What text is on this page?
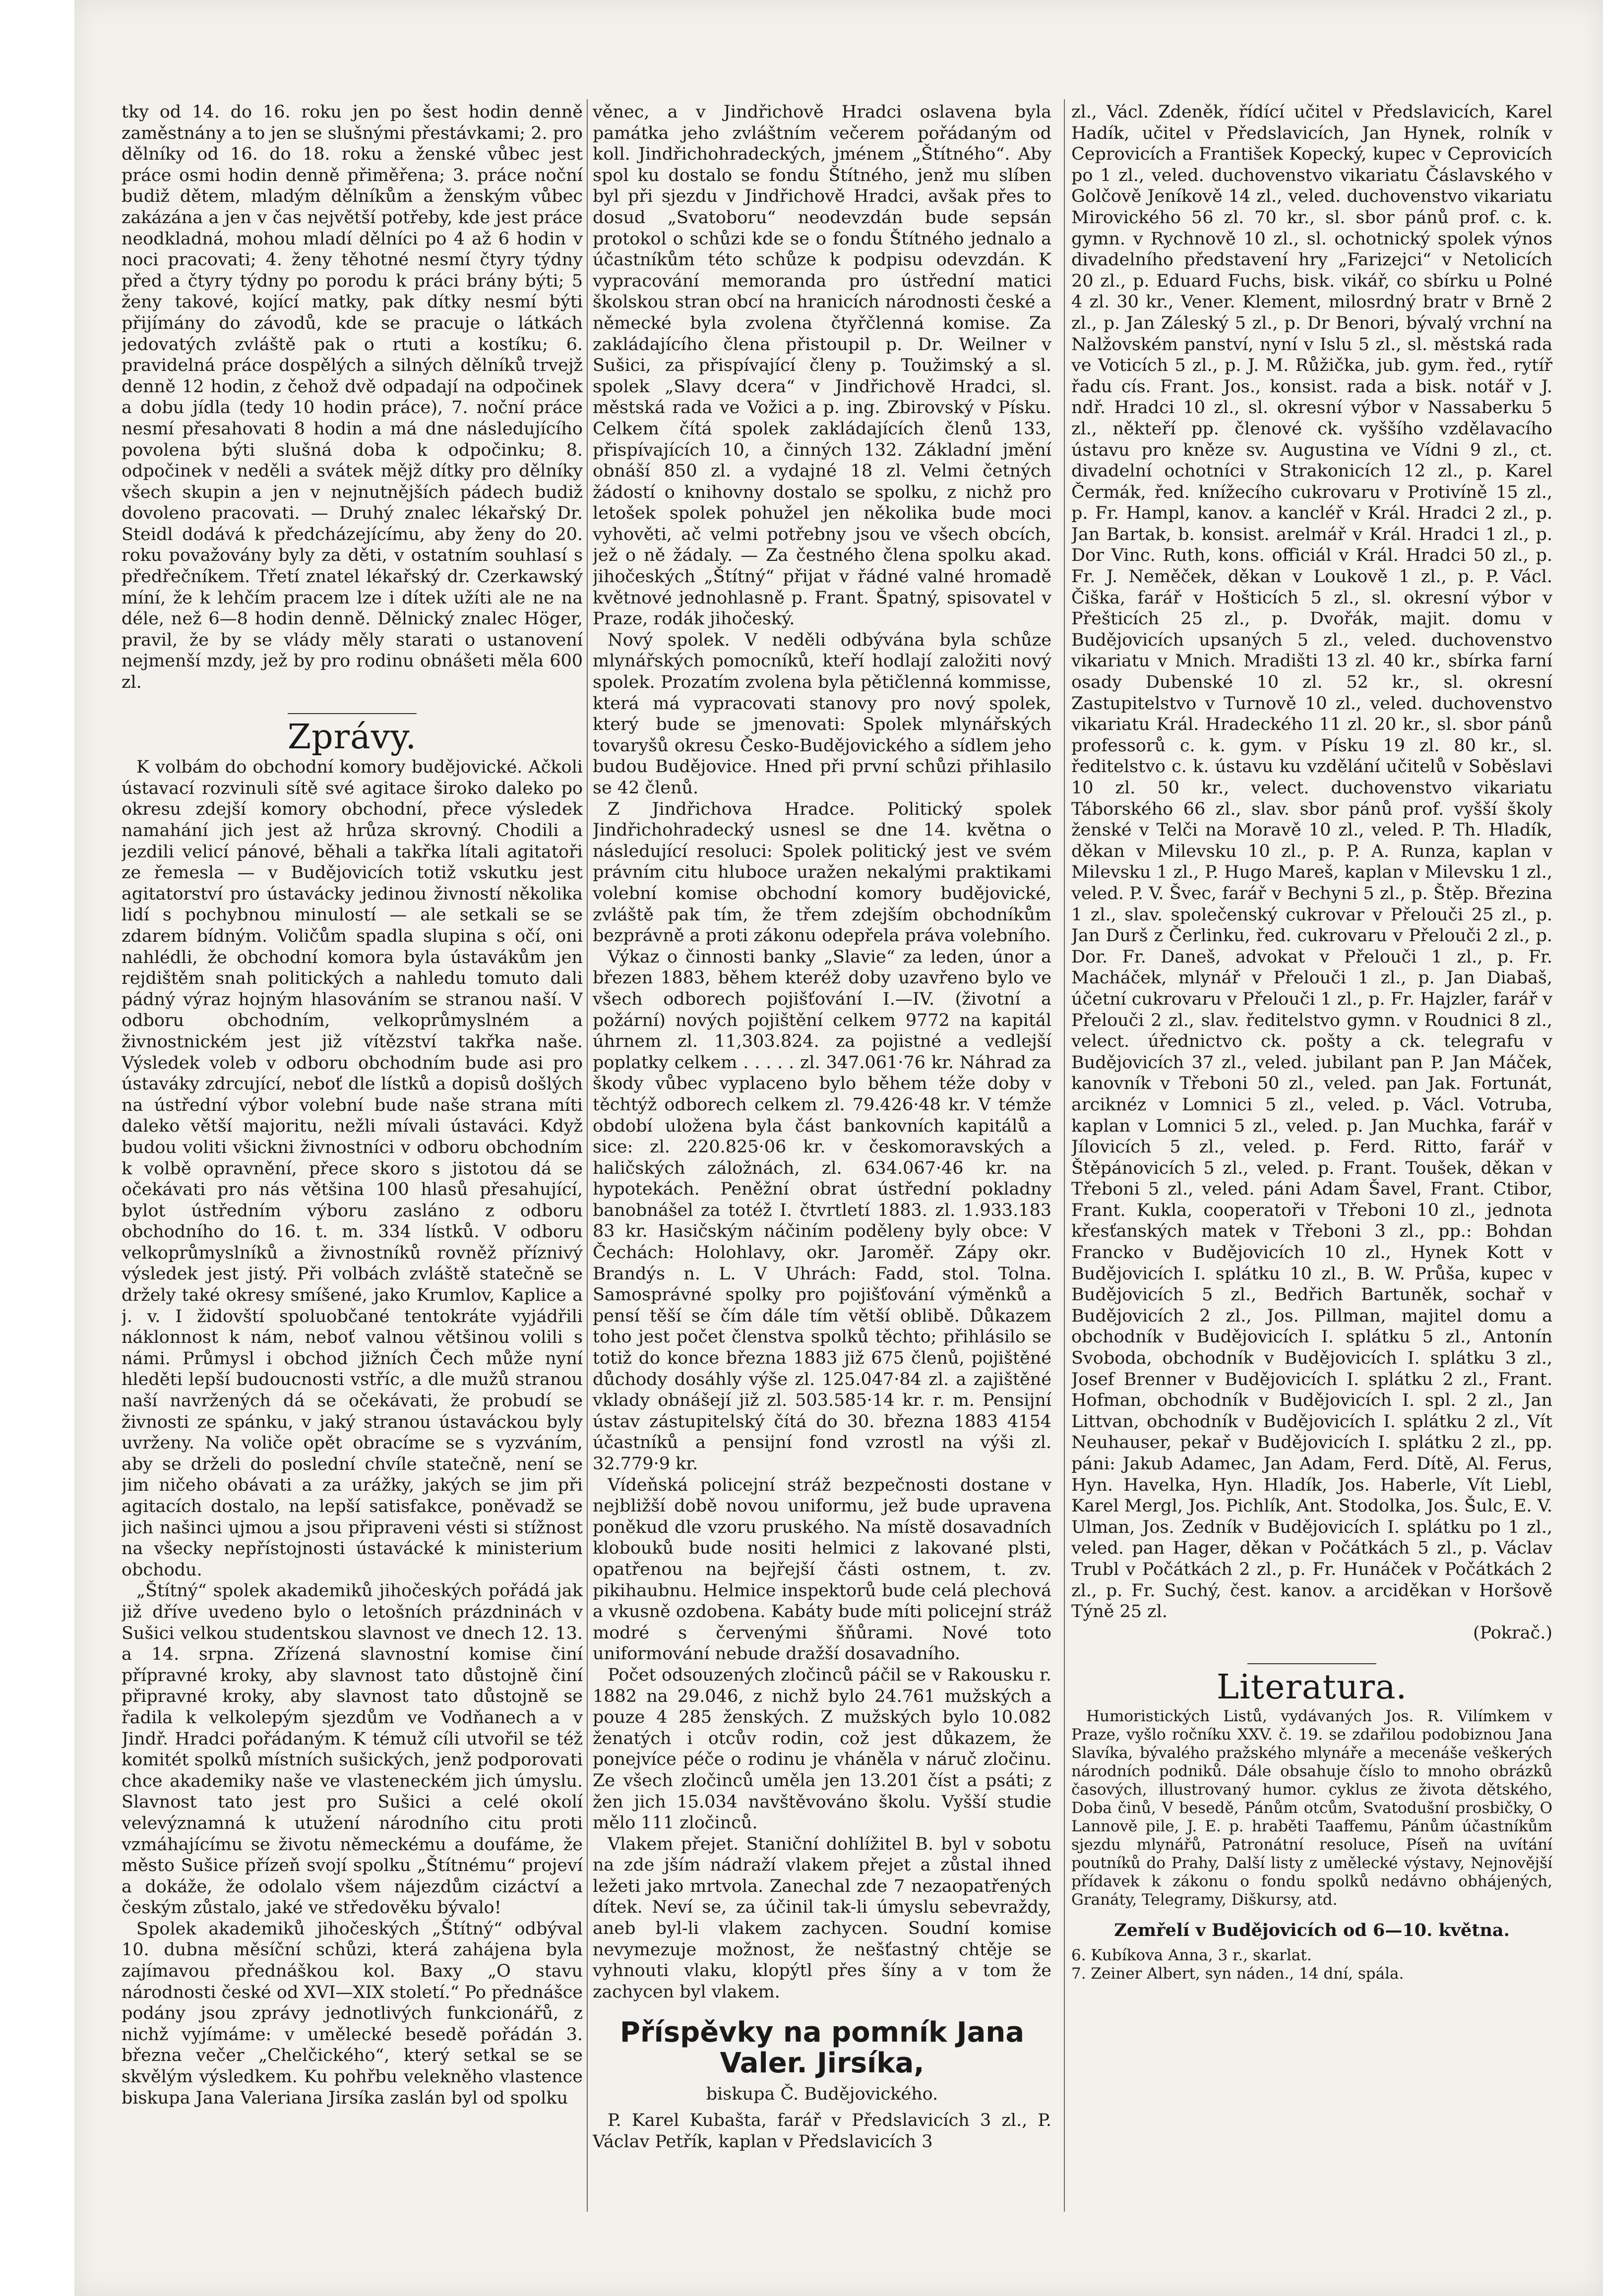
tky od 14. do 16. roku jen po šest hodin denně zaměstnány a to jen se slušnými přestávkami; 2. pro dělníky od 16. do 18. roku a ženské vůbec jest práce osmi hodin denně přiměřena; 3. práce noční budiž dětem, mladým dělníkům a ženským vůbec zakázána a jen v čas největší potřeby, kde jest práce neodkladná, mohou mladí dělníci po 4 až 6 hodin v noci pracovati; 4. ženy těhotné nesmí čtyry týdny před a čtyry týdny po porodu k práci brány býti; 5 ženy takové, kojící matky, pak dítky nesmí býti přijímány do závodů, kde se pracuje o látkách jedovatých zvláště pak o rtuti a kostíku; 6. pravidelná práce dospělých a silných dělníků trvejž denně 12 hodin, z čehož dvě odpadají na odpočinek a dobu jídla (tedy 10 hodin práce), 7. noční práce nesmí přesahovati 8 hodin a má dne následujícího povolena býti slušná doba k odpočinku; 8. odpočinek v neděli a svátek mějž dítky pro dělníky všech skupin a jen v nejnutnějších pádech budiž dovoleno pracovati. — Druhý znalec lékařský Dr. Steidl dodává k předcházejícímu, aby ženy do 20. roku považovány byly za děti, v ostatním souhlasí s předřečníkem. Třetí znatel lékařský dr. Czerkawský míní, že k lehčím pracem lze i dítek užíti ale ne na déle, než 6—8 hodin denně. Dělnický znalec Höger, pravil, že by se vlády měly starati o ustanovení nejmenší mzdy, jež by pro rodinu obnášeti měla 600 zl.

Zprávy.

K volbám do obchodní komory budějovické. Ačkoli ústavací rozvinuli sítě své agitace široko daleko po okresu zdejší komory obchodní, přece výsledek namahání jich jest až hrůza skrovný. Chodili a jezdili velicí pánové, běhali a takřka lítali agitatoři ze řemesla — v Budějovicích totiž vskutku jest agitatorství pro ústavácky jedinou živností několika lidí s pochybnou minulostí — ale setkali se se zdarem bídným. Voličům spadla slupina s očí, oni nahlédli, že obchodní komora byla ústavákům jen rejdištěm snah politických a nahledu tomuto dali pádný výraz hojným hlasováním se stranou naší. V odboru obchodním, velkoprůmyslném a živnostnickém jest již vítězství takřka naše. Výsledek voleb v odboru obchodním bude asi pro ústaváky zdrcující, neboť dle lístků a dopisů došlých na ústřední výbor volební bude naše strana míti daleko větší majoritu, nežli mívali ústaváci. Když budou voliti všickni živnostníci v odboru obchodním k volbě opravnění, přece skoro s jistotou dá se očekávati pro nás většina 100 hlasů přesahující, bylot ústředním výboru zasláno z odboru obchodního do 16. t. m. 334 lístků. V odboru velkoprůmyslníků a živnostníků rovněž příznivý výsledek jest jistý. Při volbách zvláště statečně se držely také okresy smíšené, jako Krumlov, Kaplice a j. v. I židovští spoluobčané tentokráte vyjádřili náklonnost k nám, neboť valnou většinou volili s námi. Průmysl i obchod jižních Čech může nyní hleděti lepší budoucnosti vstříc, a dle mužů stranou naší navržených dá se očekávati, že probudí se živnosti ze spánku, v jaký stranou ústaváckou byly uvrženy. Na voliče opět obracíme se s vyzváním, aby se drželi do poslední chvíle statečně, není se jim ničeho obávati a za urážky, jakých se jim při agitacích dostalo, na lepší satisfakce, poněvadž se jich našinci ujmou a jsou připraveni vésti si stížnost na všecky nepřístojnosti ústavácké k ministerium obchodu.

„Štítný“ spolek akademiků jihočeských pořádá jak již dříve uvedeno bylo o letošních prázdninách v Sušici velkou studentskou slavnost ve dnech 12. 13. a 14. srpna. Zřízená slavnostní komise činí přípravné kroky, aby slavnost tato důstojně činí připravné kroky, aby slavnost tato důstojně se řadila k velkolepým sjezdům ve Vodňanech a v Jindř. Hradci pořádaným. K témuž cíli utvořil se též komitét spolků místních sušických, jenž podporovati chce akademiky naše ve vlasteneckém jich úmyslu. Slavnost tato jest pro Sušici a celé okolí velevýznamná k utužení národního citu proti vzmáhajícímu se životu německému a doufáme, že město Sušice přízeň svojí spolku „Štítnému“ projeví a dokáže, že odolalo všem nájezdům cizáctví a českým zůstalo, jaké ve středověku bývalo!

Spolek akademiků jihočeských „Štítný“ odbýval 10. dubna měsíční schůzi, která zahájena byla zajímavou přednáškou kol. Baxy „O stavu národnosti české od XVI—XIX století.“ Po přednášce podány jsou zprávy jednotlivých funkcionářů, z nichž vyjímáme: v umělecké besedě pořádán 3. března večer „Chelčického“, který setkal se se skvělým výsledkem. Ku pohřbu velekněho vlastence biskupa Jana Valeriana Jirsíka zaslán byl od spolku

věnec, a v Jindřichově Hradci oslavena byla památka jeho zvláštním večerem pořádaným od koll. Jindřichohradeckých, jménem „Štítného“. Aby spol ku dostalo se fondu Štítného, jenž mu slíben byl při sjezdu v Jindřichově Hradci, avšak přes to dosud „Svatoboru“ neodevzdán bude sepsán protokol o schůzi kde se o fondu Štítného jednalo a účastníkům této schůze k podpisu odevzdán. K vypracování memoranda pro ústřední matici školskou stran obcí na hranicích národnosti české a německé byla zvolena čtyřčlenná komise. Za zakládajícího člena přistoupil p. Dr. Weilner v Sušici, za přispívající členy p. Toužimský a sl. spolek „Slavy dcera“ v Jindřichově Hradci, sl. městská rada ve Vožici a p. ing. Zbirovský v Písku. Celkem čítá spolek zakládajících členů 133, přispívajících 10, a činných 132. Základní jmění obnáší 850 zl. a vydajné 18 zl. Velmi četných žádostí o knihovny dostalo se spolku, z nichž pro letošek spolek pohužel jen několika bude moci vyhověti, ač velmi potřebny jsou ve všech obcích, jež o ně žádaly. — Za čestného člena spolku akad. jihočeských „Štítný“ přijat v řádné valné hromadě květnové jednohlasně p. Frant. Špatný, spisovatel v Praze, rodák jihočeský.

Nový spolek. V neděli odbývána byla schůze mlynářských pomocníků, kteří hodlají založiti nový spolek. Prozatím zvolena byla pětičlenná kommisse, která má vypracovati stanovy pro nový spolek, který bude se jmenovati: Spolek mlynářských tovaryšů okresu Česko-Budějovického a sídlem jeho budou Budějovice. Hned při první schůzi přihlasilo se 42 členů.

Z Jindřichova Hradce. Politický spolek Jindřichohradecký usnesl se dne 14. května o následující resoluci: Spolek politický jest ve svém právním citu hluboce uražen nekalými praktikami volební komise obchodní komory budějovické, zvláště pak tím, že třem zdejším obchodníkům bezprávně a proti zákonu odepřela práva volebního.

Výkaz o činnosti banky „Slavie“ za leden, únor a březen 1883, během kteréž doby uzavřeno bylo ve všech odborech pojišťování I.—IV. (životní a požární) nových pojištění celkem 9772 na kapitál úhrnem zl. 11,303.824. za pojistné a vedlejší poplatky celkem . . . . . zl. 347.061·76 kr. Náhrad za škody vůbec vyplaceno bylo během téže doby v těchtýž odborech celkem zl. 79.426·48 kr. V témže období uložena byla část bankovních kapitálů a sice: zl. 220.825·06 kr. v českomoravských a haličských záložnách, zl. 634.067·46 kr. na hypotekách. Peněžní obrat ústřední pokladny banobnášel za totéž I. čtvrtletí 1883. zl. 1.933.183 83 kr. Hasičským náčiním poděleny byly obce: V Čechách: Holohlavy, okr. Jaroměř. Zápy okr. Brandýs n. L. V Uhrách: Fadd, stol. Tolna. Samosprávné spolky pro pojišťování výměnků a pensí těší se čím dále tím větší oblibě. Důkazem toho jest počet členstva spolků těchto; přihlásilo se totiž do konce března 1883 již 675 členů, pojištěné důchody dosáhly výše zl. 125.047·84 zl. a zajištěné vklady obnášejí již zl. 503.585·14 kr. r. m. Pensijní ústav zástupitelský čítá do 30. března 1883 4154 účastníků a pensijní fond vzrostl na výši zl. 32.779·9 kr.

Vídeňská policejní stráž bezpečnosti dostane v nejbližší době novou uniformu, jež bude upravena poněkud dle vzoru pruského. Na místě dosavadních klobouků bude nositi helmici z lakované plsti, opatřenou na bejřejší části ostnem, t. zv. pikihaubnu. Helmice inspektorů bude celá plechová a vkusně ozdobena. Kabáty bude míti policejní stráž modré s červenými šňůrami. Nové toto uniformování nebude dražší dosavadního.

Počet odsouzených zločinců páčil se v Rakousku r. 1882 na 29.046, z nichž bylo 24.761 mužských a pouze 4 285 ženských. Z mužských bylo 10.082 ženatých i otcův rodin, což jest důkazem, že ponejvíce péče o rodinu je vháněla v náruč zločinu. Ze všech zločinců uměla jen 13.201 číst a psáti; z žen jich 15.034 navštěvováno školu. Vyšší studie mělo 111 zločinců.

Vlakem přejet. Staniční dohlížitel B. byl v sobotu na zde jším nádraží vlakem přejet a zůstal ihned ležeti jako mrtvola. Zanechal zde 7 nezaopatřených dítek. Neví se, za účinil tak-li úmyslu sebevraždy, aneb byl-li vlakem zachycen. Soudní komise nevymezuje možnost, že nešťastný chtěje se vyhnouti vlaku, klopýtl přes šíny a v tom že zachycen byl vlakem.

Příspěvky na pomník Jana Valer. Jirsíka,
biskupa Č. Budějovického.

P. Karel Kubašta, farář v Předslavicích 3 zl., P. Václav Petřík, kaplan v Předslavicích 3

zl., Václ. Zdeněk, řídící učitel v Předslavicích, Karel Hadík, učitel v Předslavicích, Jan Hynek, rolník v Ceprovicích a František Kopecký, kupec v Ceprovicích po 1 zl., veled. duchovenstvo vikariatu Čáslavského v Golčově Jeníkově 14 zl., veled. duchovenstvo vikariatu Mirovického 56 zl. 70 kr., sl. sbor pánů prof. c. k. gymn. v Rychnově 10 zl., sl. ochotnický spolek výnos divadelního představení hry „Farizejci“ v Netolicích 20 zl., p. Eduard Fuchs, bisk. vikář, co sbírku u Polné 4 zl. 30 kr., Vener. Klement, milosrdný bratr v Brně 2 zl., p. Jan Záleský 5 zl., p. Dr Benori, bývalý vrchní na Nalžovském panství, nyní v Islu 5 zl., sl. městská rada ve Voticích 5 zl., p. J. M. Růžička, jub. gym. řed., rytíř řadu cís. Frant. Jos., konsist. rada a bisk. notář v J. ndř. Hradci 10 zl., sl. okresní výbor v Nassaberku 5 zl., někteří pp. členové ck. vyššího vzdělavacího ústavu pro kněze sv. Augustina ve Vídni 9 zl., ct. divadelní ochotníci v Strakonicích 12 zl., p. Karel Čermák, řed. knížecího cukrovaru v Protivíně 15 zl., p. Fr. Hampl, kanov. a kancléř v Král. Hradci 2 zl., p. Jan Bartak, b. konsist. arelmář v Král. Hradci 1 zl., p. Dor Vinc. Ruth, kons. officiál v Král. Hradci 50 zl., p. Fr. J. Neměček, děkan v Loukově 1 zl., p. P. Václ. Čiška, farář v Hošticích 5 zl., sl. okresní výbor v Přešticích 25 zl., p. Dvořák, majit. domu v Budějovicích upsaných 5 zl., veled. duchovenstvo vikariatu v Mnich. Mradišti 13 zl. 40 kr., sbírka farní osady Dubenské 10 zl. 52 kr., sl. okresní Zastupitelstvo v Turnově 10 zl., veled. duchovenstvo vikariatu Král. Hradeckého 11 zl. 20 kr., sl. sbor pánů professorů c. k. gym. v Písku 19 zl. 80 kr., sl. ředitelstvo c. k. ústavu ku vzdělání učitelů v Soběslavi 10 zl. 50 kr., velect. duchovenstvo vikariatu Táborského 66 zl., slav. sbor pánů prof. vyšší školy ženské v Telči na Moravě 10 zl., veled. P. Th. Hladík, děkan v Milevsku 10 zl., p. P. A. Runza, kaplan v Milevsku 1 zl., P. Hugo Mareš, kaplan v Milevsku 1 zl., veled. P. V. Švec, farář v Bechyni 5 zl., p. Štěp. Březina 1 zl., slav. společenský cukrovar v Přelouči 25 zl., p. Jan Durš z Čerlinku, řed. cukrovaru v Přelouči 2 zl., p. Dor. Fr. Daneš, advokat v Přelouči 1 zl., p. Fr. Macháček, mlynář v Přelouči 1 zl., p. Jan Diabaš, účetní cukrovaru v Přelouči 1 zl., p. Fr. Hajzler, farář v Přelouči 2 zl., slav. ředitelstvo gymn. v Roudnici 8 zl., velect. úřednictvo ck. pošty a ck. telegrafu v Budějovicích 37 zl., veled. jubilant pan P. Jan Máček, kanovník v Třeboni 50 zl., veled. pan Jak. Fortunát, arciknéz v Lomnici 5 zl., veled. p. Václ. Votruba, kaplan v Lomnici 5 zl., veled. p. Jan Muchka, farář v Jílovicích 5 zl., veled. p. Ferd. Ritto, farář v Štěpánovicích 5 zl., veled. p. Frant. Toušek, děkan v Třeboni 5 zl., veled. páni Adam Šavel, Frant. Ctibor, Frant. Kukla, cooperatoři v Třeboni 10 zl., jednota křesťanských matek v Třeboni 3 zl., pp.: Bohdan Francko v Budějovicích 10 zl., Hynek Kott v Budějovicích I. splátku 10 zl., B. W. Průša, kupec v Budějovicích 5 zl., Bedřich Bartuněk, sochař v Budějovicích 2 zl., Jos. Pillman, majitel domu a obchodník v Budějovicích I. splátku 5 zl., Antonín Svoboda, obchodník v Budějovicích I. splátku 3 zl., Josef Brenner v Budějovicích I. splátku 2 zl., Frant. Hofman, obchodník v Budějovicích I. spl. 2 zl., Jan Littvan, obchodník v Budějovicích I. splátku 2 zl., Vít Neuhauser, pekař v Budějovicích I. splátku 2 zl., pp. páni: Jakub Adamec, Jan Adam, Ferd. Dítě, Al. Ferus, Hyn. Havelka, Hyn. Hladík, Jos. Haberle, Vít Liebl, Karel Mergl, Jos. Pichlík, Ant. Stodolka, Jos. Šulc, E. V. Ulman, Jos. Zedník v Budějovicích I. splátku po 1 zl., veled. pan Hager, děkan v Počátkách 5 zl., p. Václav Trubl v Počátkách 2 zl., p. Fr. Hunáček v Počátkách 2 zl., p. Fr. Suchý, čest. kanov. a arciděkan v Horšově Týně 25 zl.

(Pokrač.)
Literatura.

Humoristických Listů, vydávaných Jos. R. Vilímkem v Praze, vyšlo ročníku XXV. č. 19. se zdařilou podobiznou Jana Slavíka, bývalého pražského mlynáře a mecenáše veškerých národních podniků. Dále obsahuje číslo to mnoho obrázků časových, illustrovaný humor. cyklus ze života dětského, Doba činů, V besedě, Pánům otcům, Svatodušní prosbičky, O Lannově pile, J. E. p. hraběti Taaffemu, Pánům účastníkům sjezdu mlynářů, Patronátní resoluce, Píseň na uvítání poutníků do Prahy, Další listy z umělecké výstavy, Nejnovější přídavek k zákonu o fondu spolků nedávno obhájených, Granáty, Telegramy, Diškursy, atd.

Zemřelí v Budějovicích od 6—10. května.

6. Kubíkova Anna, 3 r., skarlat.

7. Zeiner Albert, syn náden., 14 dní, spála.
